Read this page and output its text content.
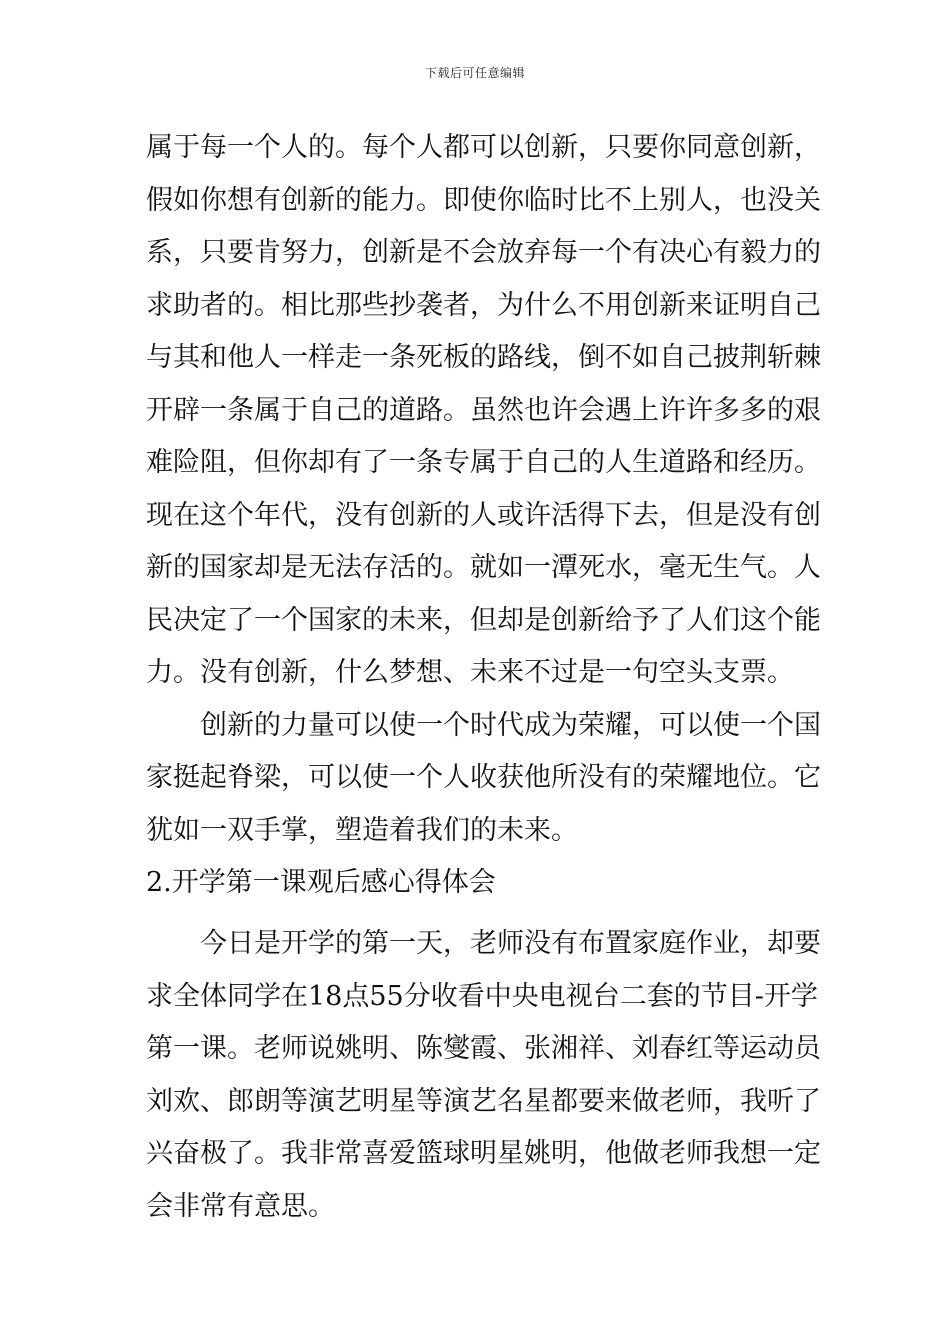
下载后可任意编辑
属于每一个人的。每个人都可以创新，只要你同意创新，
假如你想有创新的能力。即使你临时比不上别人，也没关
系，只要肯努力，创新是不会放弃每一个有决心有毅力的
求助者的。相比那些抄袭者，为什么不用创新来证明自己
与其和他人一样走一条死板的路线，倒不如自己披荆斩棘
开辟一条属于自己的道路。虽然也许会遇上许许多多的艰
难险阻，但你却有了一条专属于自己的人生道路和经历。
现在这个年代，没有创新的人或许活得下去，但是没有创
新的国家却是无法存活的。就如一潭死水，毫无生气。人
民决定了一个国家的未来，但却是创新给予了人们这个能
力。没有创新，什么梦想、未来不过是一句空头支票。
创新的力量可以使一个时代成为荣耀，可以使一个国
家挺起脊梁，可以使一个人收获他所没有的荣耀地位。它
犹如一双手掌，塑造着我们的未来。
2.开学第一课观后感心得体会
今日是开学的第一天，老师没有布置家庭作业，却要
求全体同学在18点55分收看中央电视台二套的节目-开学
第一课。老师说姚明、陈燮霞、张湘祥、刘春红等运动员
刘欢、郎朗等演艺明星等演艺名星都要来做老师，我听了
兴奋极了。我非常喜爱篮球明星姚明，他做老师我想一定
会非常有意思。
